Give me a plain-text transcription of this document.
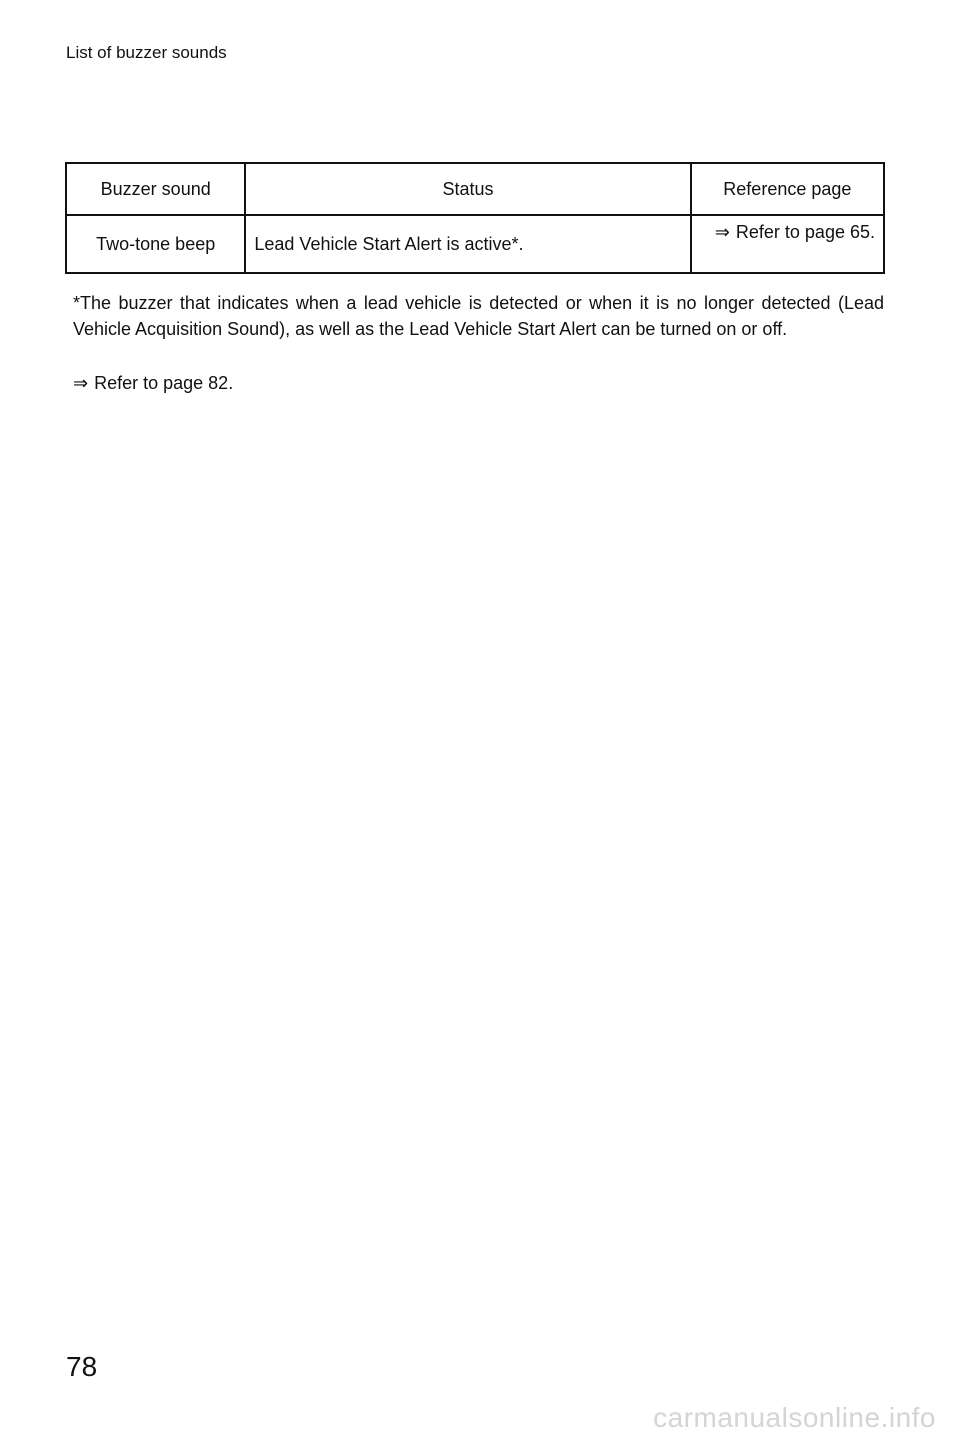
List of buzzer sounds
Buzzer sound	Status	Reference page
Two-tone beep	Lead Vehicle Start Alert is active*.	⇒ Refer to page 65.
*The buzzer that indicates when a lead vehicle is detected or when it is no longer detected (Lead Vehicle Acquisition Sound), as well as the Lead Vehicle Start Alert can be turned on or off.
⇒ Refer to page 82.
78
carmanualsonline.info
